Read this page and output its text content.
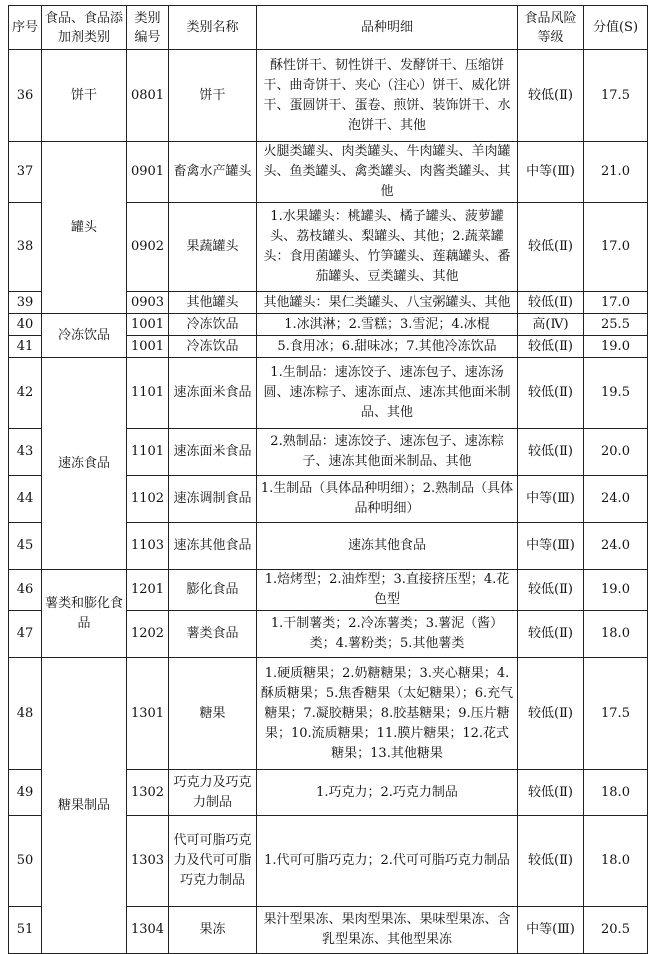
序号	食品、食品添加剂类别	类别编号	类别名称	品种明细	食品风险等级	分值(S)
36	饼干	0801	饼干	酥性饼干、韧性饼干、发酵饼干、压缩饼干、曲奇饼干、夹心（注心）饼干、威化饼干、蛋圆饼干、蛋卷、煎饼、装饰饼干、水泡饼干、其他	较低(Ⅱ)	17.5
37	罐头	0901	畜禽水产罐头	火腿类罐头、肉类罐头、牛肉罐头、羊肉罐头、鱼类罐头、禽类罐头、肉酱类罐头、其他	中等(Ⅲ)	21.0
38		0902	果蔬罐头	1.水果罐头：桃罐头、橘子罐头、菠萝罐头、荔枝罐头、梨罐头、其他；2.蔬菜罐头：食用菌罐头、竹笋罐头、莲藕罐头、番茄罐头、豆类罐头、其他	较低(Ⅱ)	17.0
39		0903	其他罐头	其他罐头：果仁类罐头、八宝粥罐头、其他	较低(Ⅱ)	17.0
40	冷冻饮品	1001	冷冻饮品	1.冰淇淋；2.雪糕；3.雪泥；4.冰棍	高(Ⅳ)	25.5
41		1001	冷冻饮品	5.食用冰；6.甜味冰；7.其他冷冻饮品	较低(Ⅱ)	19.0
42	速冻食品	1101	速冻面米食品	1.生制品：速冻饺子、速冻包子、速冻汤圆、速冻粽子、速冻面点、速冻其他面米制品、其他	较低(Ⅱ)	19.5
43		1101	速冻面米食品	2.熟制品：速冻饺子、速冻包子、速冻粽子、速冻其他面米制品、其他	较低(Ⅱ)	20.0
44		1102	速冻调制食品	1.生制品（具体品种明细）；2.熟制品（具体品种明细）	中等(Ⅲ)	24.0
45		1103	速冻其他食品	速冻其他食品	中等(Ⅲ)	24.0
46	薯类和膨化食品	1201	膨化食品	1.焙烤型；2.油炸型；3.直接挤压型；4.花色型	较低(Ⅱ)	19.0
47		1202	薯类食品	1.干制薯类；2.冷冻薯类；3.薯泥（酱）类；4.薯粉类；5.其他薯类	较低(Ⅱ)	18.0
48	糖果制品	1301	糖果	1.硬质糖果；2.奶糖糖果；3.夹心糖果；4.酥质糖果；5.焦香糖果（太妃糖果）；6.充气糖果；7.凝胶糖果；8.胶基糖果；9.压片糖果；10.流质糖果；11.膜片糖果；12.花式糖果；13.其他糖果	较低(Ⅱ)	17.5
49		1302	巧克力及巧克力制品	1.巧克力；2.巧克力制品	较低(Ⅱ)	18.0
50		1303	代可可脂巧克力及代可可脂巧克力制品	1.代可可脂巧克力；2.代可可脂巧克力制品	较低(Ⅱ)	18.0
51		1304	果冻	果汁型果冻、果肉型果冻、果味型果冻、含乳型果冻、其他型果冻	中等(Ⅲ)	20.5
